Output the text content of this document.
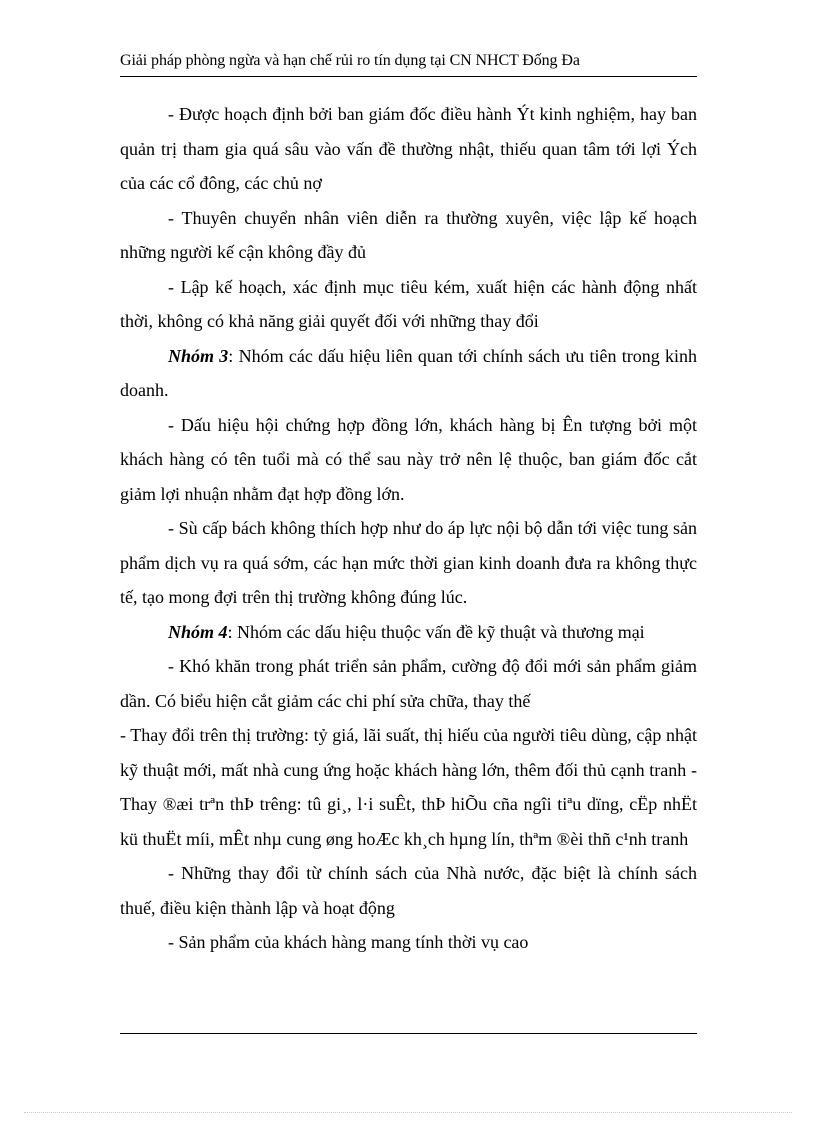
Giải pháp phòng ngừa và hạn chế rủi ro tín dụng tại CN NHCT Đống Đa

- Được hoạch định bởi ban giám đốc điều hành Ýt kinh nghiệm, hay ban quản trị tham gia quá sâu vào vấn đề thường nhật, thiếu quan tâm tới lợi Ých của các cổ đông, các chủ nợ

- Thuyên chuyển nhân viên diễn ra thường xuyên, việc lập kế hoạch những người kế cận không đầy đủ

- Lập kế hoạch, xác định mục tiêu kém, xuất hiện các hành động nhất thời, không có khả năng giải quyết đối với những thay đổi

Nhóm 3: Nhóm các dấu hiệu liên quan tới chính sách ưu tiên trong kinh doanh.

- Dấu hiệu hội chứng hợp đồng lớn, khách hàng bị Ên tượng bởi một khách hàng có tên tuổi mà có thể sau này trở nên lệ thuộc, ban giám đốc cắt giảm lợi nhuận nhằm đạt hợp đồng lớn.

- Sù cấp bách không thích hợp như do áp lực nội bộ dẫn tới việc tung sản phẩm dịch vụ ra quá sớm, các hạn mức thời gian kinh doanh đưa ra không thực tế, tạo mong đợi trên thị trường không đúng lúc.

Nhóm 4: Nhóm các dấu hiệu thuộc vấn đề kỹ thuật và thương mại

- Khó khăn trong phát triển sản phẩm, cường độ đổi mới sản phẩm giảm dần. Có biểu hiện cắt giảm các chi phí sửa chữa, thay thế

- Thay đổi trên thị trường: tỷ giá, lãi suất, thị hiếu của người tiêu dùng, cập nhật kỹ thuật mới, mất nhà cung ứng hoặc khách hàng lớn, thêm đối thủ cạnh tranh - Thay ®æi trªn thÞ trêng: tû gi¸, l·i suÊt, thÞ hiÕu cña ngîi tiªu dïng, cËp nhËt kü thuËt míi, mÊt nhµ cung øng hoÆc kh¸ch hµng lín, thªm ®èi thñ c¹nh tranh

- Những thay đổi từ chính sách của Nhà nước, đặc biệt là chính sách thuế, điều kiện thành lập và hoạt động

- Sản phẩm của khách hàng mang tính thời vụ cao
